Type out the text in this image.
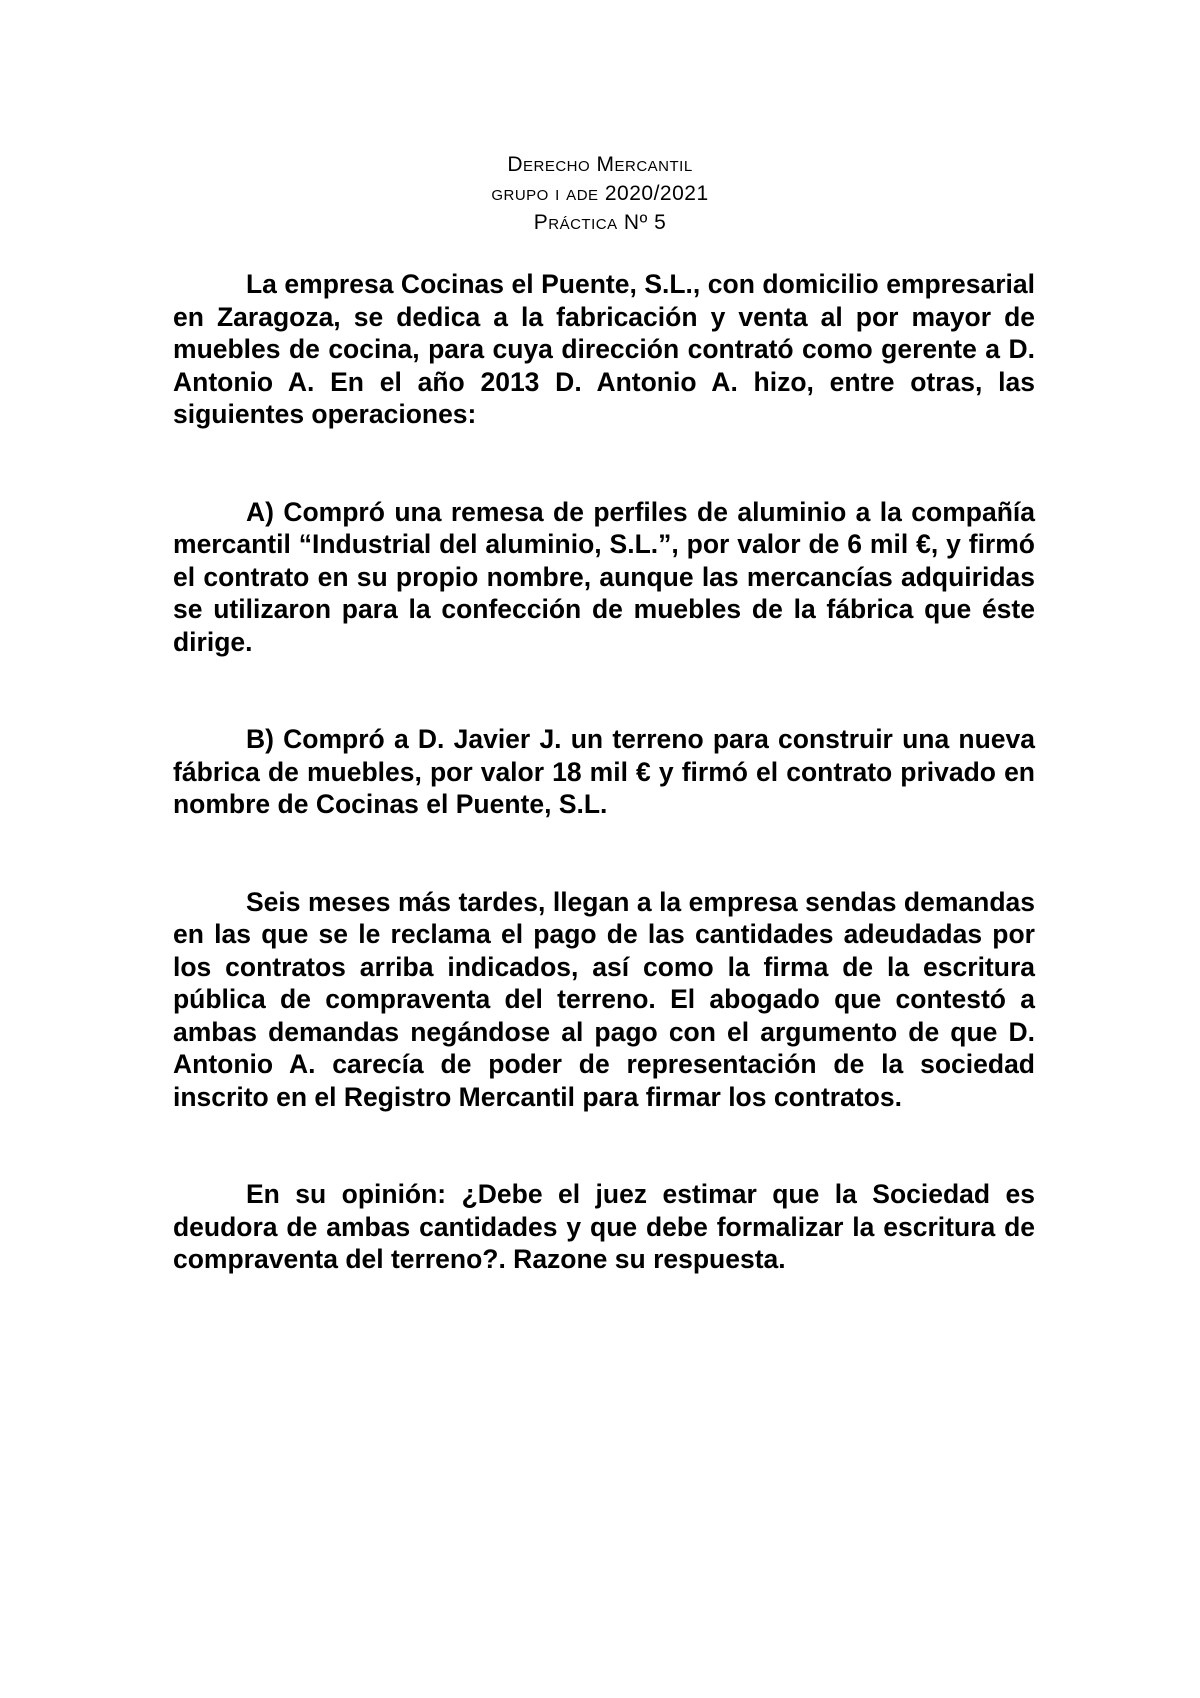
Derecho Mercantil
grupo i ade 2020/2021
Práctica Nº 5

La empresa Cocinas el Puente, S.L., con domicilio empresarial en Zaragoza, se dedica a la fabricación y venta al por mayor de muebles de cocina, para cuya dirección contrató como gerente a D. Antonio A. En el año 2013 D. Antonio A. hizo, entre otras, las siguientes operaciones:

A) Compró una remesa de perfiles de aluminio a la compañía mercantil “Industrial del aluminio, S.L.”, por valor de 6 mil €, y firmó el contrato en su propio nombre, aunque las mercancías adquiridas se utilizaron para la confección de muebles de la fábrica que éste dirige.

B) Compró a D. Javier J. un terreno para construir una nueva fábrica de muebles, por valor 18 mil € y firmó el contrato privado en nombre de Cocinas el Puente, S.L.

Seis meses más tardes, llegan a la empresa sendas demandas en las que se le reclama el pago de las cantidades adeudadas por los contratos arriba indicados, así como la firma de la escritura pública de compraventa del terreno. El abogado que contestó a ambas demandas negándose al pago con el argumento de que D. Antonio A. carecía de poder de representación de la sociedad inscrito en el Registro Mercantil para firmar los contratos.

En su opinión: ¿Debe el juez estimar que la Sociedad es deudora de ambas cantidades y que debe formalizar la escritura de compraventa del terreno?. Razone su respuesta.
